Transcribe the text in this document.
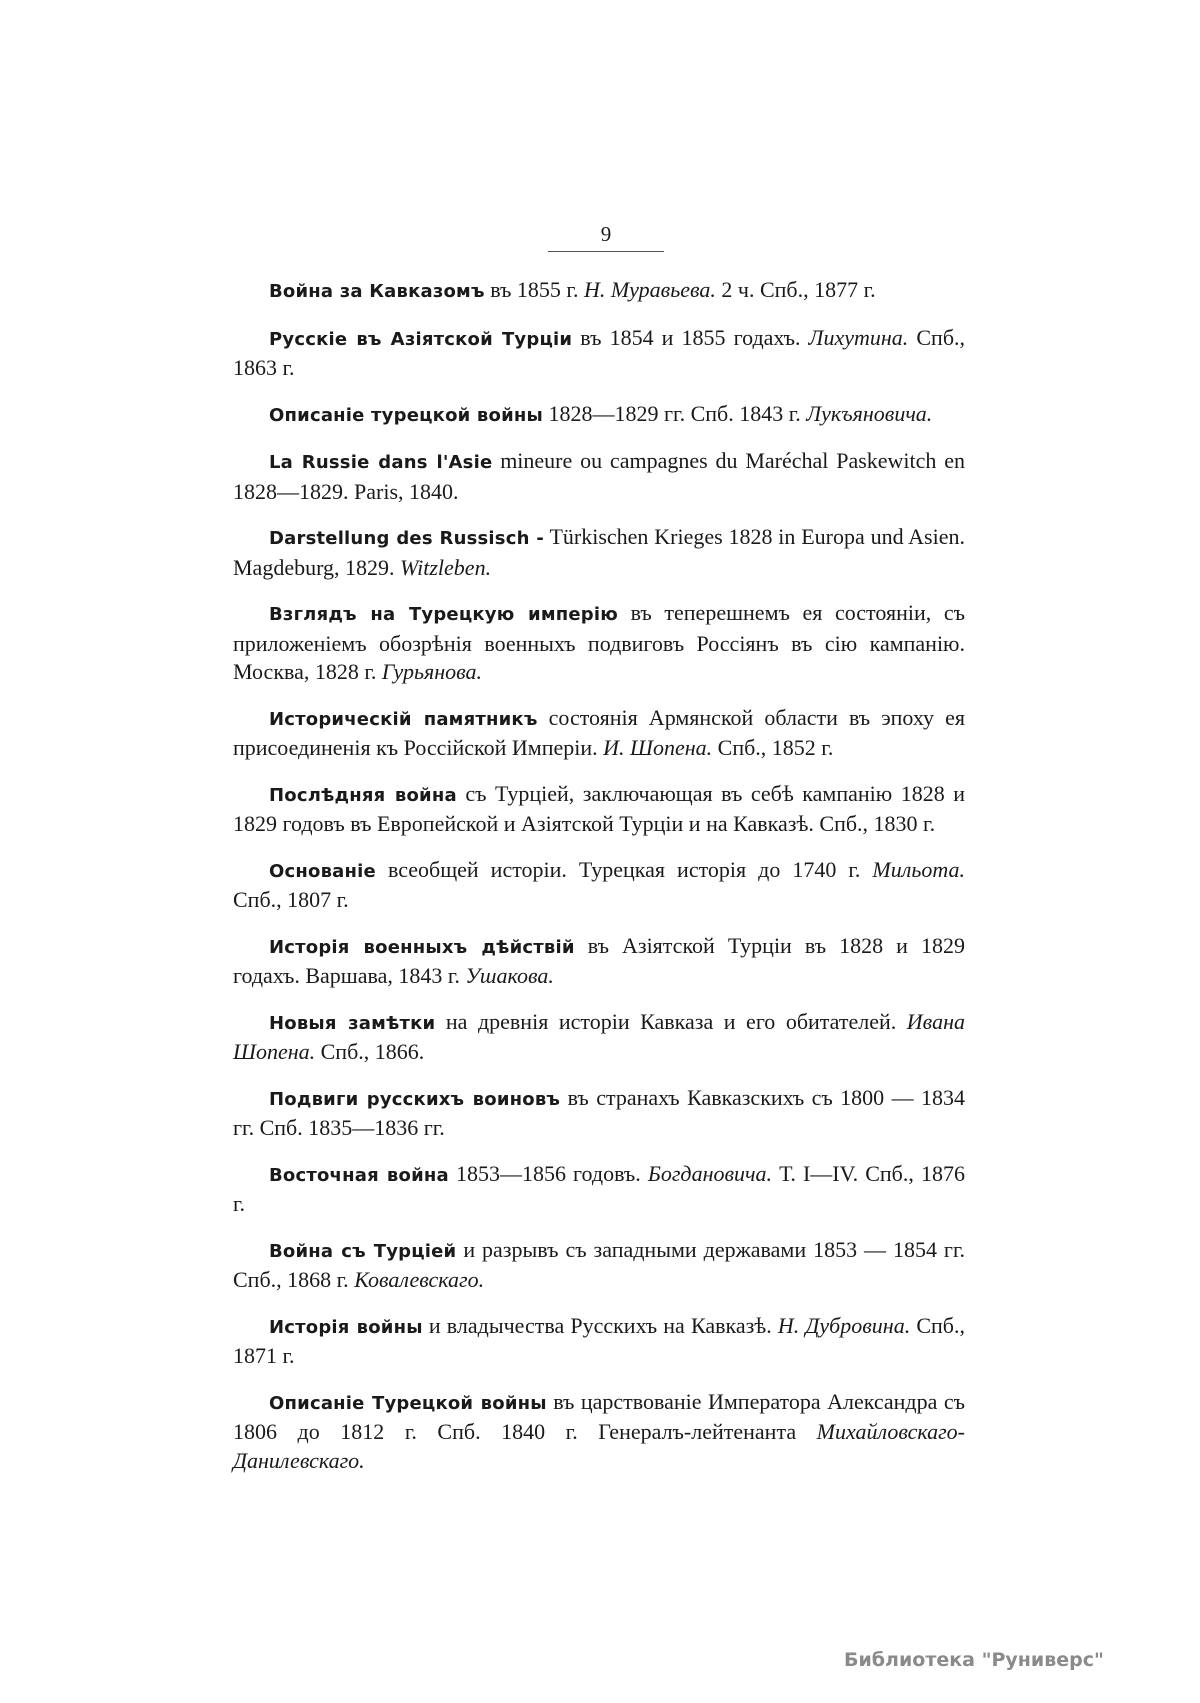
9

Война за Кавказомъ въ 1855 г. Н. Муравьева. 2 ч. Спб., 1877 г.

Русскіе въ Азіятской Турціи въ 1854 и 1855 годахъ. Лихутина. Спб., 1863 г.

Описаніе турецкой войны 1828—1829 гг. Спб. 1843 г. Лукъяновича.

La Russie dans l'Asie mineure ou campagnes du Maréchal Paskewitch en 1828—1829. Paris, 1840.

Darstellung des Russisch - Türkischen Krieges 1828 in Europa und Asien. Magdeburg, 1829. Witzleben.

Взглядъ на Турецкую имперію въ теперешнемъ ея состояніи, съ приложеніемъ обозрѣнія военныхъ подвиговъ Россіянъ въ сію кампанію. Москва, 1828 г. Гурьянова.

Историческій памятникъ состоянія Армянской области въ эпоху ея присоединенія къ Россійской Имперіи. И. Шопена. Спб., 1852 г.

Послѣдняя война съ Турціей, заключающая въ себѣ кампанію 1828 и 1829 годовъ въ Европейской и Азіятской Турціи и на Кавказѣ. Спб., 1830 г.

Основаніе всеобщей исторіи. Турецкая исторія до 1740 г. Мильота. Спб., 1807 г.

Исторія военныхъ дѣйствій въ Азіятской Турціи въ 1828 и 1829 годахъ. Варшава, 1843 г. Ушакова.

Новыя замѣтки на древнія исторіи Кавказа и его обитателей. Ивана Шопена. Спб., 1866.

Подвиги русскихъ воиновъ въ странахъ Кавказскихъ съ 1800 — 1834 гг. Спб. 1835—1836 гг.

Восточная война 1853—1856 годовъ. Богдановича. Т. I—IV. Спб., 1876 г.

Война съ Турціей и разрывъ съ западными державами 1853 — 1854 гг. Спб., 1868 г. Ковалевскаго.

Исторія войны и владычества Русскихъ на Кавказѣ. Н. Дубровина. Спб., 1871 г.

Описаніе Турецкой войны въ царствованіе Императора Александра съ 1806 до 1812 г. Спб. 1840 г. Генералъ-лейтенанта Михайловскаго-Данилевскаго.

Библиотека "Руниверс"
